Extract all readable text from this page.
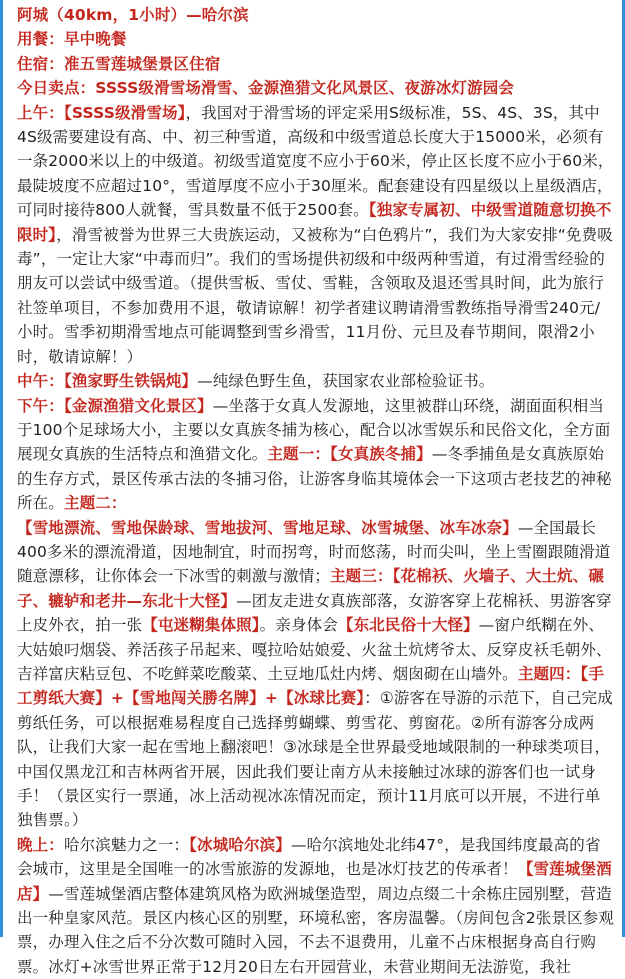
阿城（40km，1小时）—哈尔滨
用餐：早中晚餐
住宿：准五雪莲城堡景区住宿
今日卖点：SSSS级滑雪场滑雪、金源渔猎文化风景区、夜游冰灯游园会

上午：【SSSS级滑雪场】，我国对于滑雪场的评定采用S级标准，5S、4S、3S，其中4S级需要建设有高、中、初三种雪道，高级和中级雪道总长度大于15000米，必须有一条2000米以上的中级道。初级雪道宽度不应小于60米，停止区长度不应小于60米，最陡坡度不应超过10°，雪道厚度不应小于30厘米。配套建设有四星级以上星级酒店，可同时接待800人就餐，雪具数量不低于2500套。【独家专属初、中级雪道随意切换不限时】，滑雪被誉为世界三大贵族运动，又被称为“白色鸦片”，我们为大家安排“免费吸毒”，一定让大家“中毒而归”。我们的雪场提供初级和中级两种雪道，有过滑雪经验的朋友可以尝试中级雪道。（提供雪板、雪仗、雪鞋，含领取及退还雪具时间，此为旅行社签单项目，不参加费用不退，敬请谅解！初学者建议聘请滑雪教练指导滑雪240元/小时。雪季初期滑雪地点可能调整到雪乡滑雪，11月份、元旦及春节期间，限滑2小时，敬请谅解！）

中午：【渔家野生铁锅炖】—纯绿色野生鱼，获国家农业部检验证书。

下午：【金源渔猎文化景区】—坐落于女真人发源地，这里被群山环绕，湖面面积相当于100个足球场大小，主要以女真族冬捕为核心，配合以冰雪娱乐和民俗文化，全方面展现女真族的生活特点和渔猎文化。主题一：【女真族冬捕】—冬季捕鱼是女真族原始的生存方式，景区传承古法的冬捕习俗，让游客身临其境体会一下这项古老技艺的神秘所在。主题二：【雪地漂流、雪地保龄球、雪地拔河、雪地足球、冰雪城堡、冰车冰奈】—全国最长400多米的漂流滑道，因地制宜，时而拐弯，时而悠荡，时而尖叫，坐上雪圈跟随滑道随意漂移，让你体会一下冰雪的刺激与激情；主题三：【花棉袄、火墙子、大土炕、碾子、辘轳和老井—东北十大怪】—团友走进女真族部落，女游客穿上花棉袄、男游客穿上皮外衣，拍一张【屯迷糊集体照】。亲身体会【东北民俗十大怪】—窗户纸糊在外、大姑娘叼烟袋、养活孩子吊起来、嘎拉哈姑娘爱、火盆土炕烤爷太、反穿皮袄毛朝外、吉祥富庆粘豆包、不吃鲜菜吃酸菜、土豆地瓜灶内烤、烟囱砌在山墙外。主题四：【手工剪纸大赛】+【雪地闯关勝名牌】+【冰球比赛】：①游客在导游的示范下，自己完成剪纸任务，可以根据难易程度自己选择剪蝴蝶、剪雪花、剪窗花。②所有游客分成两队，让我们大家一起在雪地上翻滚吧！③冰球是全世界最受地域限制的一种球类项目，中国仅黑龙江和吉林两省开展，因此我们要让南方从未接触过冰球的游客们也一试身手！（景区实行一票通，冰上活动视冰冻情况而定，预计11月底可以开展，不进行单独售票。）

晚上：哈尔滨魅力之一：【冰城哈尔滨】—哈尔滨地处北纬47°，是我国纬度最高的省会城市，这里是全国唯一的冰雪旅游的发源地，也是冰灯技艺的传承者！【雪莲城堡酒店】—雪莲城堡酒店整体建筑风格为欧洲城堡造型，周边点缀二十余栋庄园别墅，营造出一种皇家风范。景区内核心区的别墅，环境私密，客房温馨。（房间包含2张景区参观票，办理入住之后不分次数可随时入园，不去不退费用，儿童不占床根据身高自行购票。冰灯+冰雪世界正常于12月20日左右开园营业，未营业期间无法游览，我社
